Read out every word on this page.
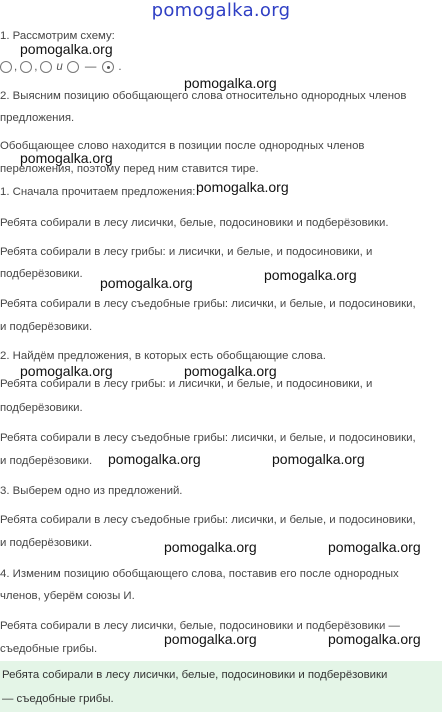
pomogalka.org
, , и — .
1. Рассмотрим схему:
2. Выясним позицию обобщающего слова относительно однородных членов
предложения.
Обобщающее слово находится в позиции после однородных членов
переложения, поэтому перед ним ставится тире.
1. Сначала прочитаем предложения:
Ребята собирали в лесу лисички, белые, подосиновики и подберёзовики.
Ребята собирали в лесу грибы: и лисички, и белые, и подосиновики, и
подберёзовики.
Ребята собирали в лесу съедобные грибы: лисички, и белые, и подосиновики,
и подберёзовики.
2. Найдём предложения, в которых есть обобщающие слова.
Ребята собирали в лесу грибы: и лисички, и белые, и подосиновики, и
подберёзовики.
Ребята собирали в лесу съедобные грибы: лисички, и белые, и подосиновики,
и подберёзовики.
3. Выберем одно из предложений.
Ребята собирали в лесу съедобные грибы: лисички, и белые, и подосиновики,
и подберёзовики.
4. Изменим позицию обобщающего слова, поставив его после однородных
членов, уберём союзы И.
Ребята собирали в лесу лисички, белые, подосиновики и подберёзовики —
съедобные грибы.
Ребята собирали в лесу лисички, белые, подосиновики и подберёзовики
— съедобные грибы.
pomogalka.org
pomogalka.org
pomogalka.org
pomogalka.org
pomogalka.org	pomogalka.org
pomogalka.org	pomogalka.org
pomogalka.org	pomogalka.org
pomogalka.org	pomogalka.org
pomogalka.org	pomogalka.org
